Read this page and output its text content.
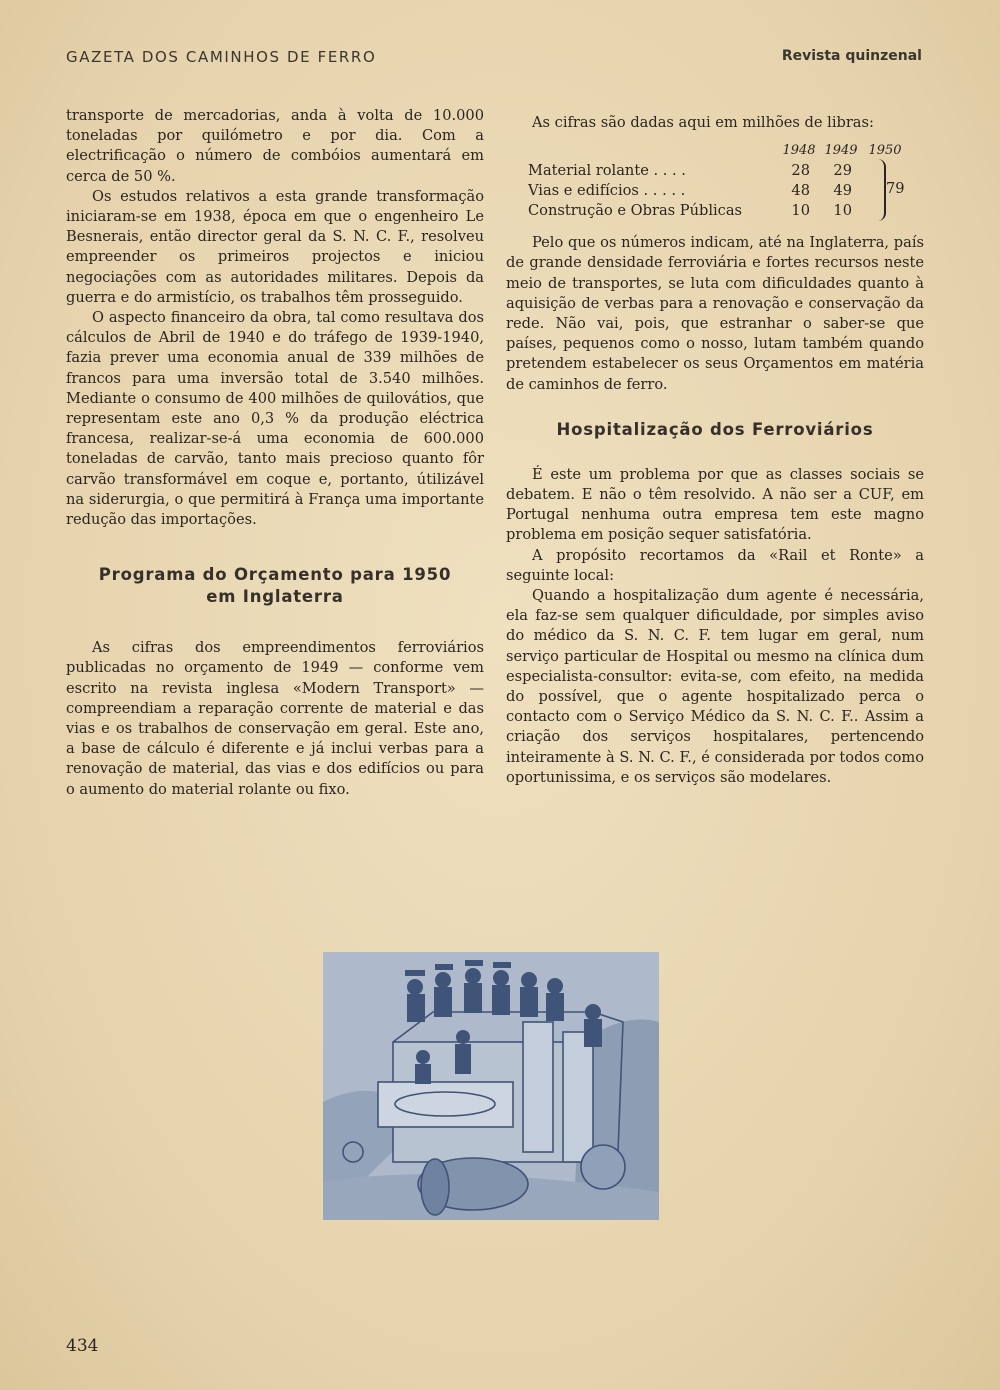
GAZETA DOS CAMINHOS DE FERRO	Revista quinzenal

transporte de mercadorias, anda à volta de 10.000 toneladas por quilómetro e por dia. Com a electrificação o número de combóios aumentará em cerca de 50 %.

Os estudos relativos a esta grande transformação iniciaram-se em 1938, época em que o engenheiro Le Besnerais, então director geral da S. N. C. F., resolveu empreender os primeiros projectos e iniciou negociações com as autoridades militares. Depois da guerra e do armistício, os trabalhos têm prosseguido.

O aspecto financeiro da obra, tal como resultava dos cálculos de Abril de 1940 e do tráfego de 1939-1940, fazia prever uma economia anual de 339 milhões de francos para uma inversão total de 3.540 milhões. Mediante o consumo de 400 milhões de quilovátios, que representam este ano 0,3 % da produção eléctrica francesa, realizar-se-á uma economia de 600.000 toneladas de carvão, tanto mais precioso quanto fôr carvão transformável em coque e, portanto, útilizável na siderurgia, o que permitirá à França uma importante redução das importações.

Programa do Orçamento para 1950
em Inglaterra

As cifras dos empreendimentos ferroviários publicadas no orçamento de 1949 — conforme vem escrito na revista inglesa «Modern Transport» — compreendiam a reparação corrente de material e das vias e os trabalhos de conservação em geral. Este ano, a base de cálculo é diferente e já inclui verbas para a renovação de material, das vias e dos edifícios ou para o aumento do material rolante ou fixo.

As cifras são dadas aqui em milhões de libras:

1948 1949 1950
Material rolante . . . .	28	29
Vias e edifícios . . . . .	48	49
Construção e Obras Públicas	10	10
79

Pelo que os números indicam, até na Inglaterra, país de grande densidade ferroviária e fortes recursos neste meio de transportes, se luta com dificuldades quanto à aquisição de verbas para a renovação e conservação da rede. Não vai, pois, que estranhar o saber-se que países, pequenos como o nosso, lutam também quando pretendem estabelecer os seus Orçamentos em matéria de caminhos de ferro.

Hospitalização dos Ferroviários

É este um problema por que as classes sociais se debatem. E não o têm resolvido. A não ser a CUF, em Portugal nenhuma outra empresa tem este magno problema em posição sequer satisfatória.

A propósito recortamos da «Rail et Ronte» a seguinte local:

Quando a hospitalização dum agente é necessária, ela faz-se sem qualquer dificuldade, por simples aviso do médico da S. N. C. F. tem lugar em geral, num serviço particular de Hospital ou mesmo na clínica dum especialista-consultor: evita-se, com efeito, na medida do possível, que o agente hospitalizado perca o contacto com o Serviço Médico da S. N. C. F.. Assim a criação dos serviços hospitalares, pertencendo inteiramente à S. N. C. F., é considerada por todos como oportunissima, e os serviços são modelares.

434
